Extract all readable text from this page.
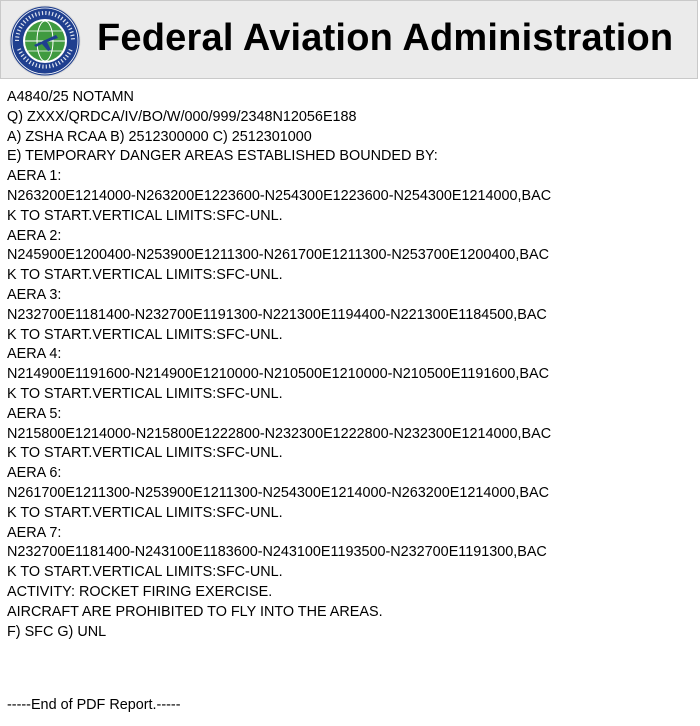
Federal Aviation Administration
A4840/25 NOTAMN
Q) ZXXX/QRDCA/IV/BO/W/000/999/2348N12056E188
A) ZSHA RCAA B) 2512300000 C) 2512301000
E) TEMPORARY DANGER AREAS ESTABLISHED BOUNDED BY:
AERA 1:
N263200E1214000-N263200E1223600-N254300E1223600-N254300E1214000,BAC
K TO START.VERTICAL LIMITS:SFC-UNL.
AERA 2:
N245900E1200400-N253900E1211300-N261700E1211300-N253700E1200400,BAC
K TO START.VERTICAL LIMITS:SFC-UNL.
AERA 3:
N232700E1181400-N232700E1191300-N221300E1194400-N221300E1184500,BAC
K TO START.VERTICAL LIMITS:SFC-UNL.
AERA 4:
N214900E1191600-N214900E1210000-N210500E1210000-N210500E1191600,BAC
K TO START.VERTICAL LIMITS:SFC-UNL.
AERA 5:
N215800E1214000-N215800E1222800-N232300E1222800-N232300E1214000,BAC
K TO START.VERTICAL LIMITS:SFC-UNL.
AERA 6:
N261700E1211300-N253900E1211300-N254300E1214000-N263200E1214000,BAC
K TO START.VERTICAL LIMITS:SFC-UNL.
AERA 7:
N232700E1181400-N243100E1183600-N243100E1193500-N232700E1191300,BAC
K TO START.VERTICAL LIMITS:SFC-UNL.
ACTIVITY: ROCKET FIRING EXERCISE.
AIRCRAFT ARE PROHIBITED TO FLY INTO THE AREAS.
F) SFC G) UNL
-----End of PDF Report.-----
